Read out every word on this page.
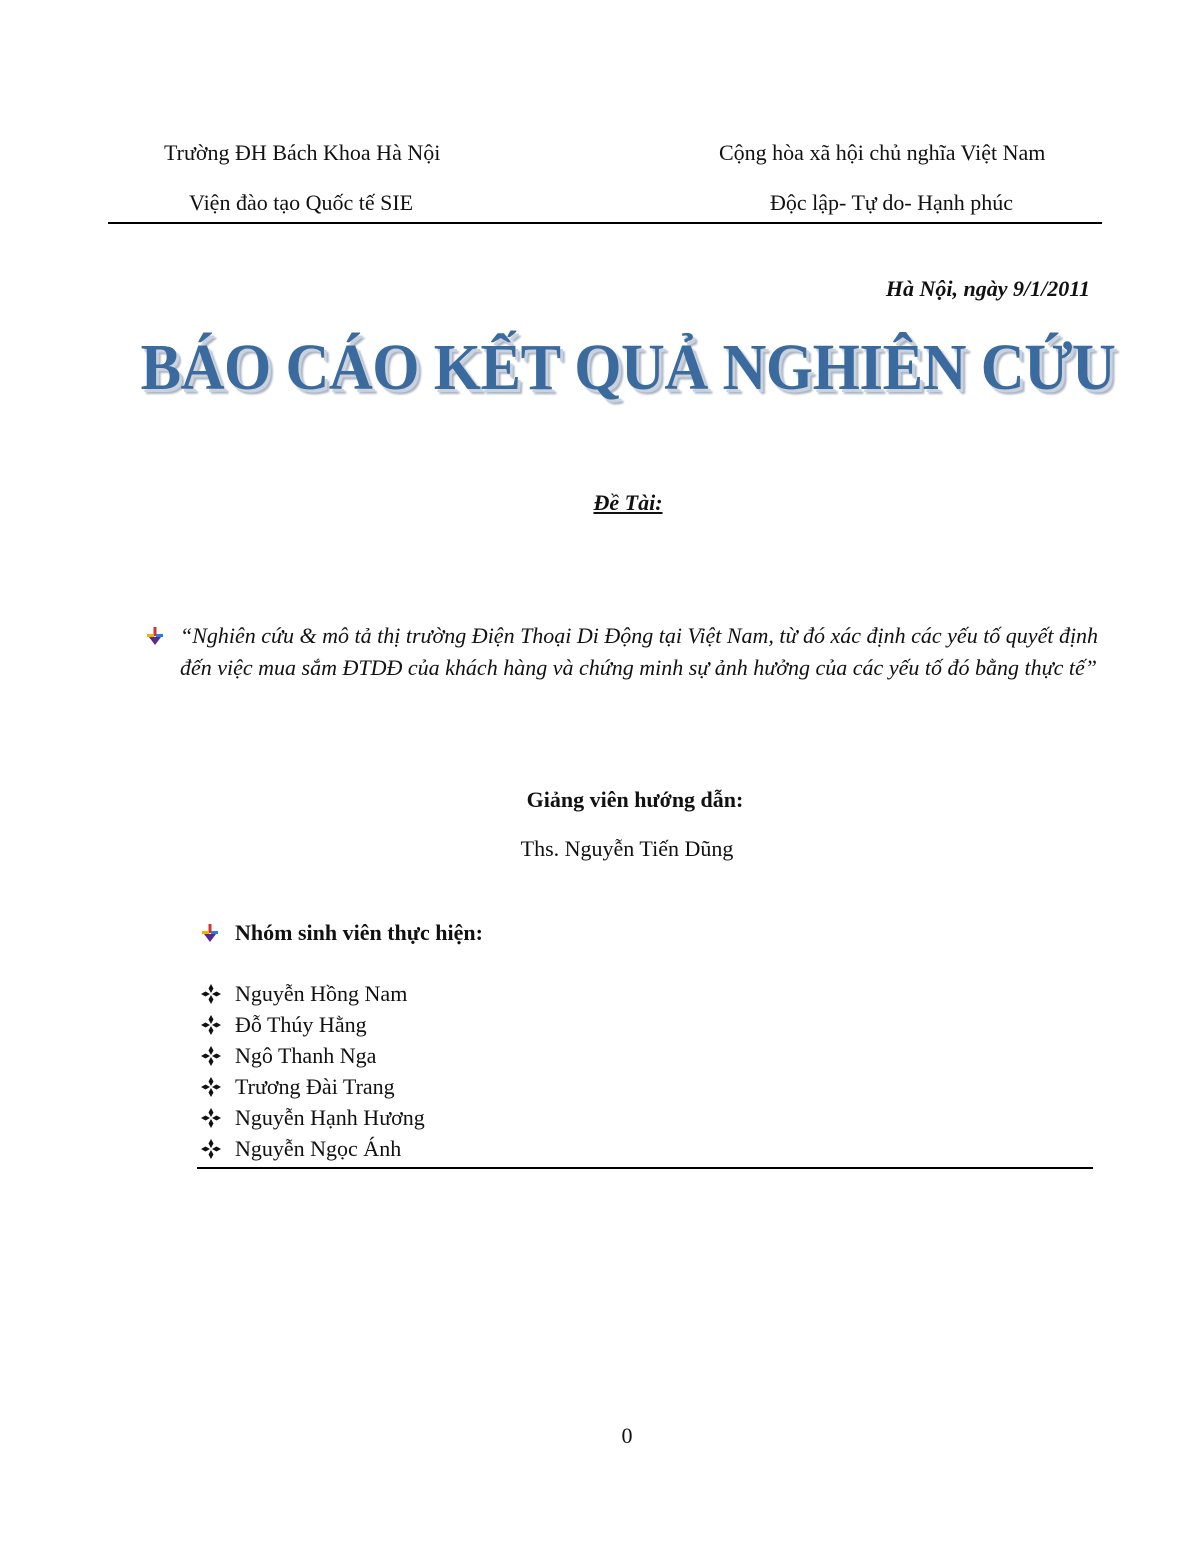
Trường ĐH Bách Khoa Hà Nội
Viện đào tạo Quốc tế SIE
Cộng hòa xã hội chủ nghĩa Việt Nam
Độc lập- Tự do- Hạnh phúc
Hà Nội, ngày 9/1/2011
BÁO CÁO KẾT QUẢ NGHIÊN CỨU
Đề Tài:
“Nghiên cứu & mô tả thị trường Điện Thoại Di Động tại Việt Nam, từ đó xác định các yếu tố quyết định đến việc mua sắm ĐTDĐ của khách hàng và chứng minh sự ảnh hưởng của các yếu tố đó bằng thực tế”
Giảng viên hướng dẫn:
Ths. Nguyễn Tiến Dũng
Nhóm sinh viên thực hiện:
Nguyễn Hồng Nam
Đỗ Thúy Hằng
Ngô Thanh Nga
Trương Đài Trang
Nguyễn Hạnh Hương
Nguyễn Ngọc Ánh
0
